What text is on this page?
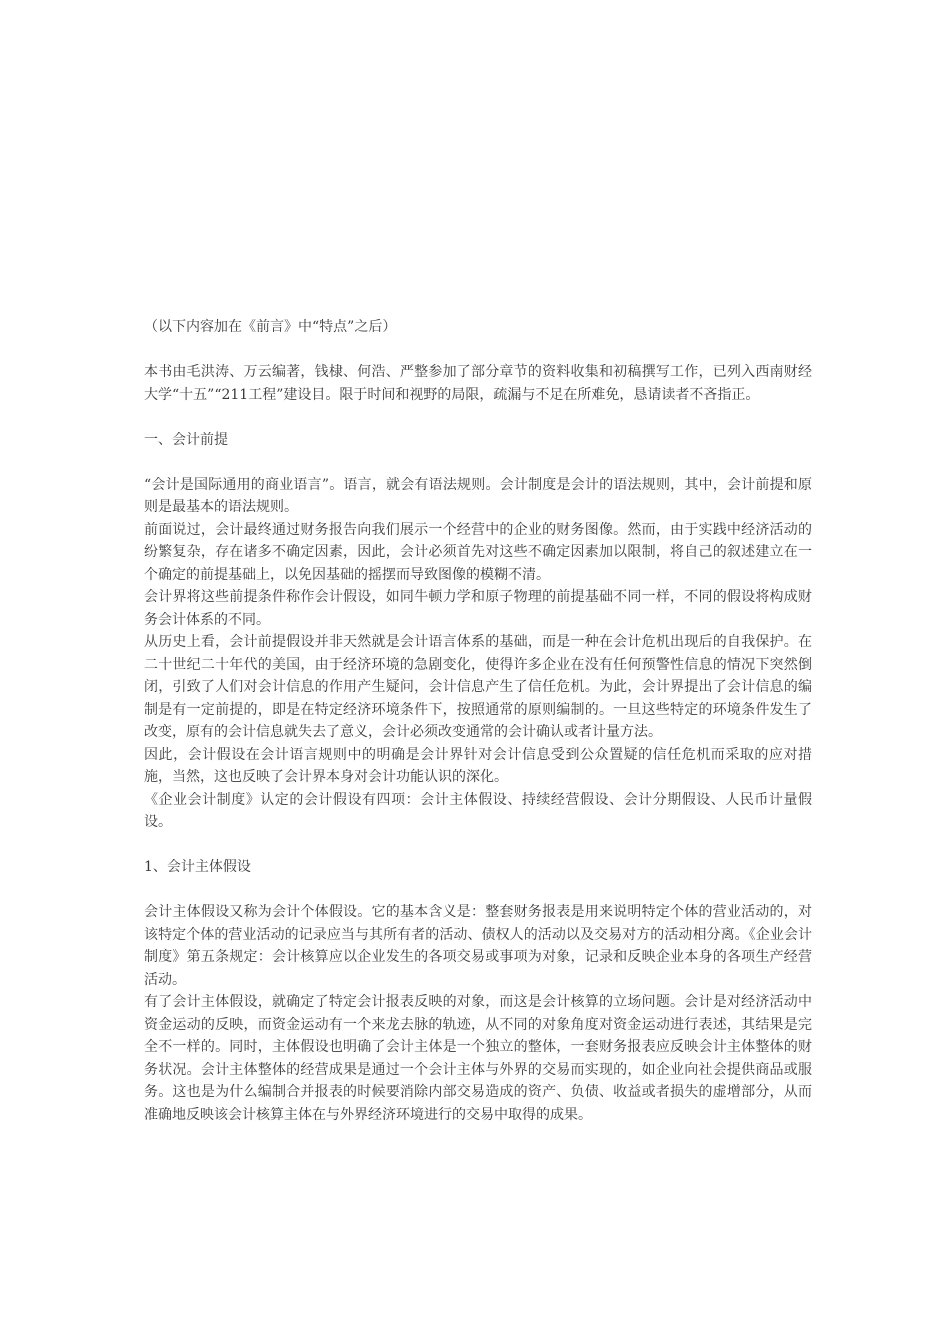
（以下内容加在《前言》中“特点”之后）

本书由毛洪涛、万云编著，钱棣、何浩、严整参加了部分章节的资料收集和初稿撰写工作，已列入西南财经大学“十五”“211工程”建设目。限于时间和视野的局限，疏漏与不足在所难免，恳请读者不吝指正。

一、会计前提

“会计是国际通用的商业语言”。语言，就会有语法规则。会计制度是会计的语法规则，其中，会计前提和原则是最基本的语法规则。

前面说过，会计最终通过财务报告向我们展示一个经营中的企业的财务图像。然而，由于实践中经济活动的纷繁复杂，存在诸多不确定因素，因此，会计必须首先对这些不确定因素加以限制，将自己的叙述建立在一个确定的前提基础上，以免因基础的摇摆而导致图像的模糊不清。

会计界将这些前提条件称作会计假设，如同牛顿力学和原子物理的前提基础不同一样，不同的假设将构成财务会计体系的不同。

从历史上看，会计前提假设并非天然就是会计语言体系的基础，而是一种在会计危机出现后的自我保护。在二十世纪二十年代的美国，由于经济环境的急剧变化，使得许多企业在没有任何预警性信息的情况下突然倒闭，引致了人们对会计信息的作用产生疑问，会计信息产生了信任危机。为此，会计界提出了会计信息的编制是有一定前提的，即是在特定经济环境条件下，按照通常的原则编制的。一旦这些特定的环境条件发生了改变，原有的会计信息就失去了意义，会计必须改变通常的会计确认或者计量方法。

因此，会计假设在会计语言规则中的明确是会计界针对会计信息受到公众置疑的信任危机而采取的应对措施，当然，这也反映了会计界本身对会计功能认识的深化。

《企业会计制度》认定的会计假设有四项：会计主体假设、持续经营假设、会计分期假设、人民币计量假设。

1、会计主体假设

会计主体假设又称为会计个体假设。它的基本含义是：整套财务报表是用来说明特定个体的营业活动的，对该特定个体的营业活动的记录应当与其所有者的活动、债权人的活动以及交易对方的活动相分离。《企业会计制度》第五条规定：会计核算应以企业发生的各项交易或事项为对象，记录和反映企业本身的各项生产经营活动。

有了会计主体假设，就确定了特定会计报表反映的对象，而这是会计核算的立场问题。会计是对经济活动中资金运动的反映，而资金运动有一个来龙去脉的轨迹，从不同的对象角度对资金运动进行表述，其结果是完全不一样的。同时，主体假设也明确了会计主体是一个独立的整体，一套财务报表应反映会计主体整体的财务状况。会计主体整体的经营成果是通过一个会计主体与外界的交易而实现的，如企业向社会提供商品或服务。这也是为什么编制合并报表的时候要消除内部交易造成的资产、负债、收益或者损失的虚增部分，从而准确地反映该会计核算主体在与外界经济环境进行的交易中取得的成果。
